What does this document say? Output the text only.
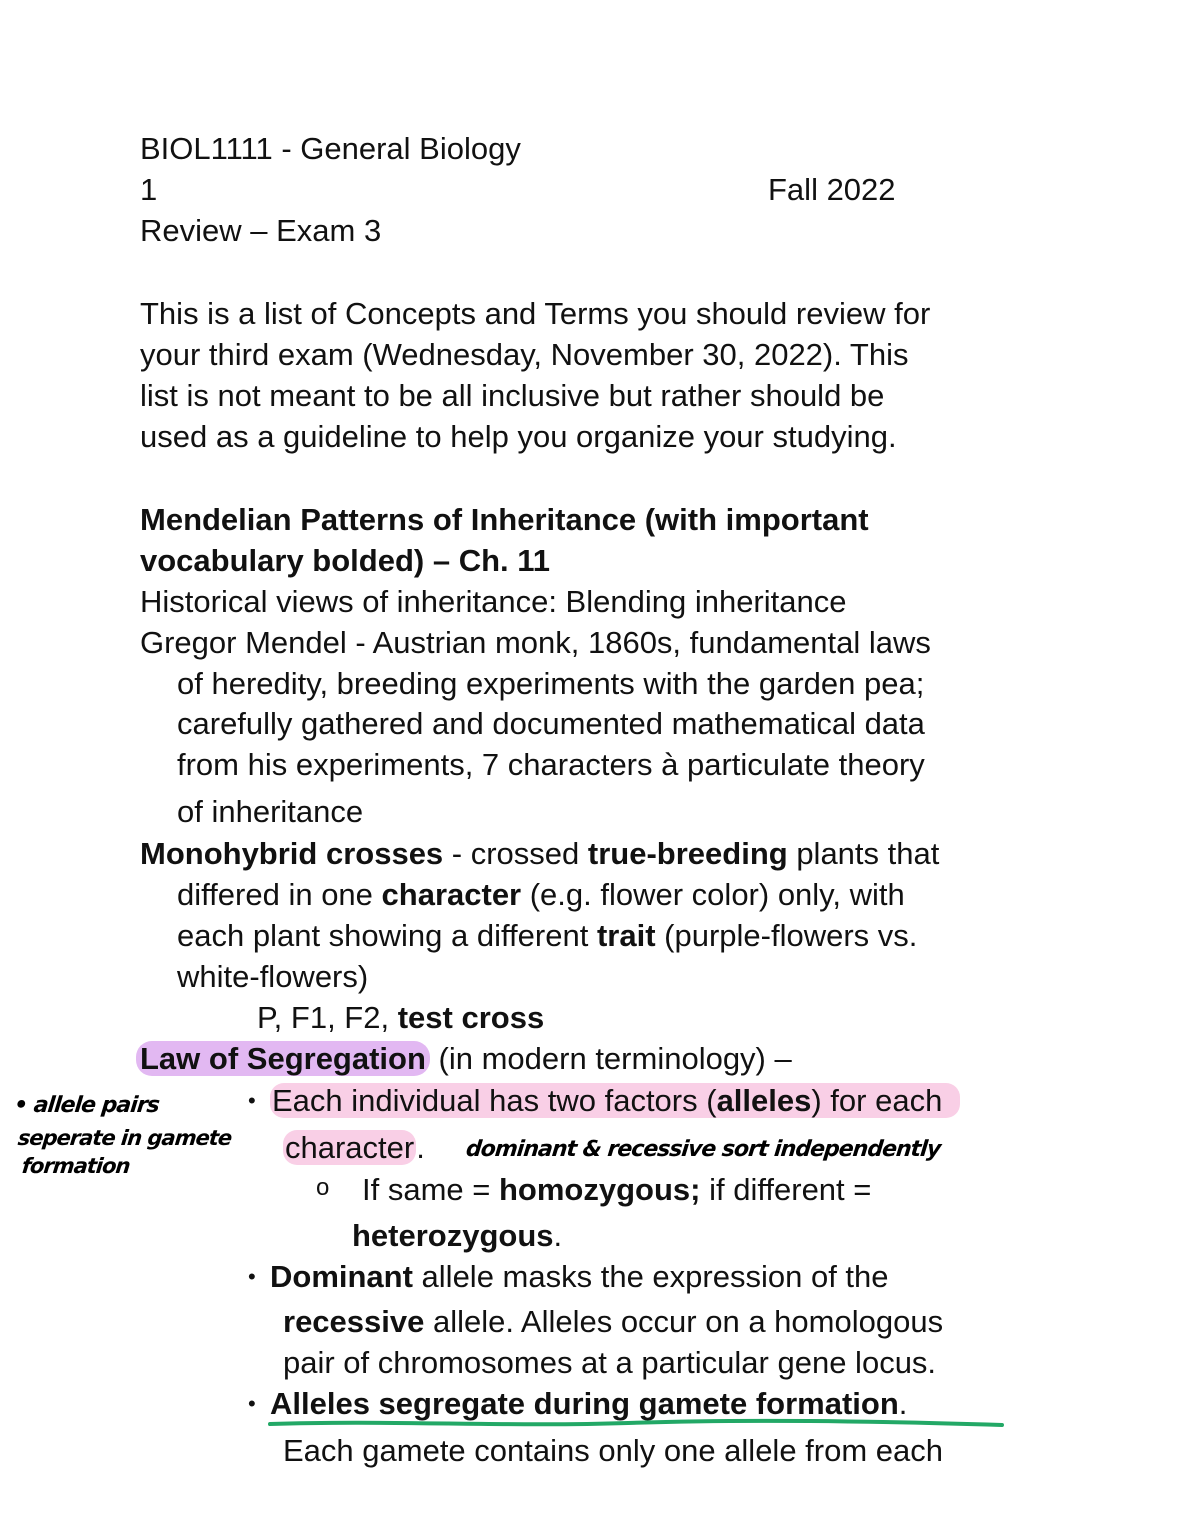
BIOL1111 - General Biology
1	Fall 2022
Review – Exam 3
This is a list of Concepts and Terms you should review for
your third exam (Wednesday, November 30, 2022). This
list is not meant to be all inclusive but rather should be
used as a guideline to help you organize your studying.
Mendelian Patterns of Inheritance (with important
vocabulary bolded) – Ch. 11
Historical views of inheritance: Blending inheritance
Gregor Mendel - Austrian monk, 1860s, fundamental laws
of heredity, breeding experiments with the garden pea;
carefully gathered and documented mathematical data
from his experiments, 7 characters à particulate theory
of inheritance
Monohybrid crosses - crossed true-breeding plants that
differed in one character (e.g. flower color) only, with
each plant showing a different trait (purple-flowers vs.
white-flowers)
P, F1, F2, test cross
Law of Segregation (in modern terminology) –
• Each individual has two factors (alleles) for each
character. dominant & recessive sort independently
o If same = homozygous; if different =
heterozygous.
• Dominant allele masks the expression of the
recessive allele. Alleles occur on a homologous
pair of chromosomes at a particular gene locus.
• Alleles segregate during gamete formation.
Each gamete contains only one allele from each
• allele pairs
seperate in gamete
formation
